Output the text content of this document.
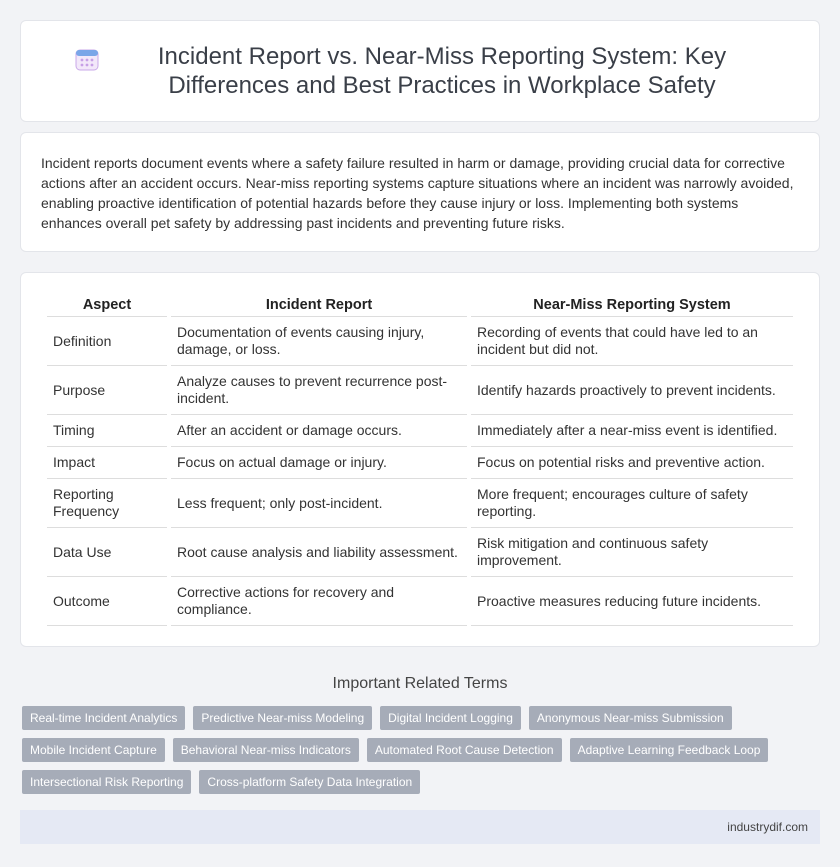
Incident Report vs. Near-Miss Reporting System: Key Differences and Best Practices in Workplace Safety

Incident reports document events where a safety failure resulted in harm or damage, providing crucial data for corrective actions after an accident occurs. Near-miss reporting systems capture situations where an incident was narrowly avoided, enabling proactive identification of potential hazards before they cause injury or loss. Implementing both systems enhances overall pet safety by addressing past incidents and preventing future risks.

Aspect	Incident Report	Near-Miss Reporting System
Definition	Documentation of events causing injury, damage, or loss.	Recording of events that could have led to an incident but did not.
Purpose	Analyze causes to prevent recurrence post-incident.	Identify hazards proactively to prevent incidents.
Timing	After an accident or damage occurs.	Immediately after a near-miss event is identified.
Impact	Focus on actual damage or injury.	Focus on potential risks and preventive action.
Reporting Frequency	Less frequent; only post-incident.	More frequent; encourages culture of safety reporting.
Data Use	Root cause analysis and liability assessment.	Risk mitigation and continuous safety improvement.
Outcome	Corrective actions for recovery and compliance.	Proactive measures reducing future incidents.
Important Related Terms
Real-time Incident Analytics	Predictive Near-miss Modeling	Digital Incident Logging	Anonymous Near-miss Submission
Mobile Incident Capture	Behavioral Near-miss Indicators	Automated Root Cause Detection	Adaptive Learning Feedback Loop
Intersectional Risk Reporting	Cross-platform Safety Data Integration
industrydif.com
